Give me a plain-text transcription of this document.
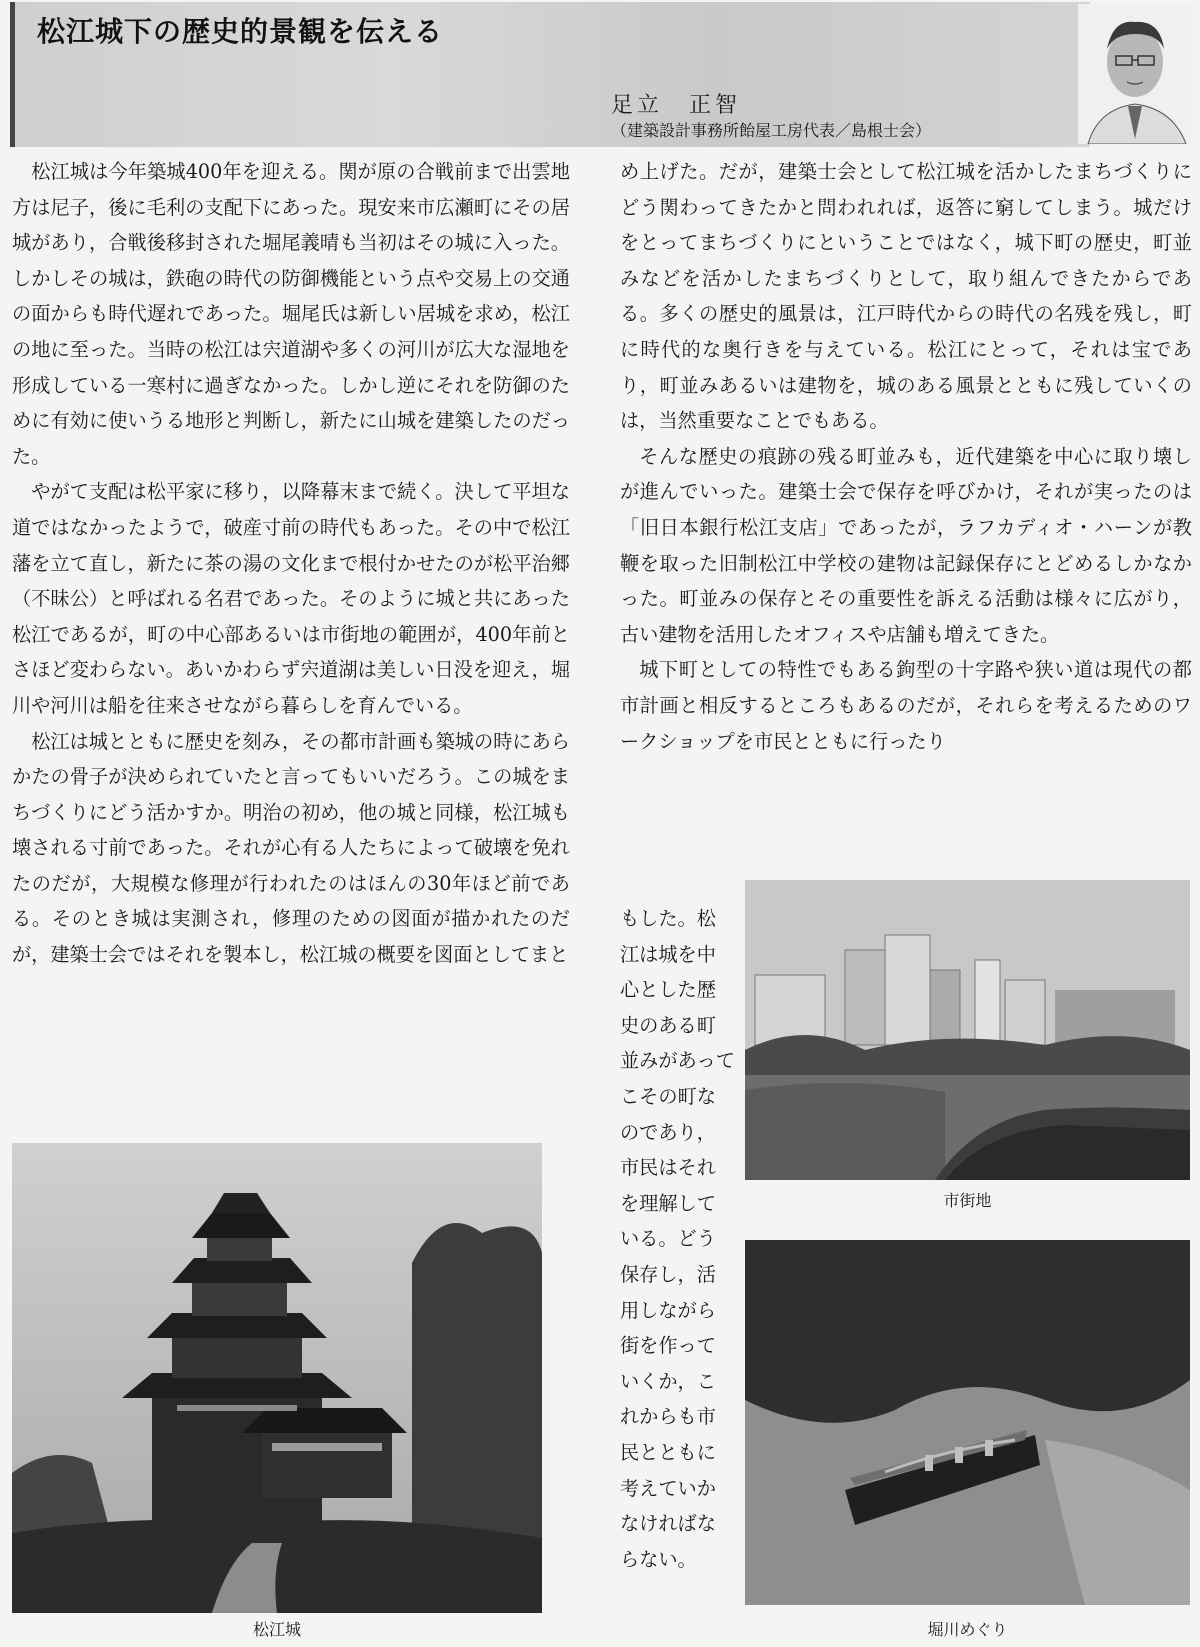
松江城下の歴史的景観を伝える
足立　正智
（建築設計事務所飴屋工房代表／島根士会）

松江城は今年築城400年を迎える。関が原の合戦前まで出雲地方は尼子，後に毛利の支配下にあった。現安来市広瀬町にその居城があり，合戦後移封された堀尾義晴も当初はその城に入った。しかしその城は，鉄砲の時代の防御機能という点や交易上の交通の面からも時代遅れであった。堀尾氏は新しい居城を求め，松江の地に至った。当時の松江は宍道湖や多くの河川が広大な湿地を形成している一寒村に過ぎなかった。しかし逆にそれを防御のために有効に使いうる地形と判断し，新たに山城を建築したのだった。

やがて支配は松平家に移り，以降幕末まで続く。決して平坦な道ではなかったようで，破産寸前の時代もあった。その中で松江藩を立て直し，新たに茶の湯の文化まで根付かせたのが松平治郷（不昧公）と呼ばれる名君であった。そのように城と共にあった松江であるが，町の中心部あるいは市街地の範囲が，400年前とさほど変わらない。あいかわらず宍道湖は美しい日没を迎え，堀川や河川は船を往来させながら暮らしを育んでいる。

松江は城とともに歴史を刻み，その都市計画も築城の時にあらかたの骨子が決められていたと言ってもいいだろう。この城をまちづくりにどう活かすか。明治の初め，他の城と同様，松江城も壊される寸前であった。それが心有る人たちによって破壊を免れたのだが，大規模な修理が行われたのはほんの30年ほど前である。そのとき城は実測され，修理のための図面が描かれたのだが，建築士会ではそれを製本し，松江城の概要を図面としてまと

め上げた。だが，建築士会として松江城を活かしたまちづくりにどう関わってきたかと問われれば，返答に窮してしまう。城だけをとってまちづくりにということではなく，城下町の歴史，町並みなどを活かしたまちづくりとして，取り組んできたからである。多くの歴史的風景は，江戸時代からの時代の名残を残し，町に時代的な奥行きを与えている。松江にとって，それは宝であり，町並みあるいは建物を，城のある風景とともに残していくのは，当然重要なことでもある。

そんな歴史の痕跡の残る町並みも，近代建築を中心に取り壊しが進んでいった。建築士会で保存を呼びかけ，それが実ったのは「旧日本銀行松江支店」であったが，ラフカディオ・ハーンが教鞭を取った旧制松江中学校の建物は記録保存にとどめるしかなかった。町並みの保存とその重要性を訴える活動は様々に広がり，古い建物を活用したオフィスや店舗も増えてきた。

城下町としての特性でもある鉤型の十字路や狭い道は現代の都市計画と相反するところもあるのだが，それらを考えるためのワークショップを市民とともに行ったり

もした。松江は城を中心とした歴史のある町並みがあってこその町なのであり，市民はそれを理解している。どう保存し，活用しながら街を作っていくか，これからも市民とともに考えていかなければならない。
松江城
市街地
堀川めぐり
